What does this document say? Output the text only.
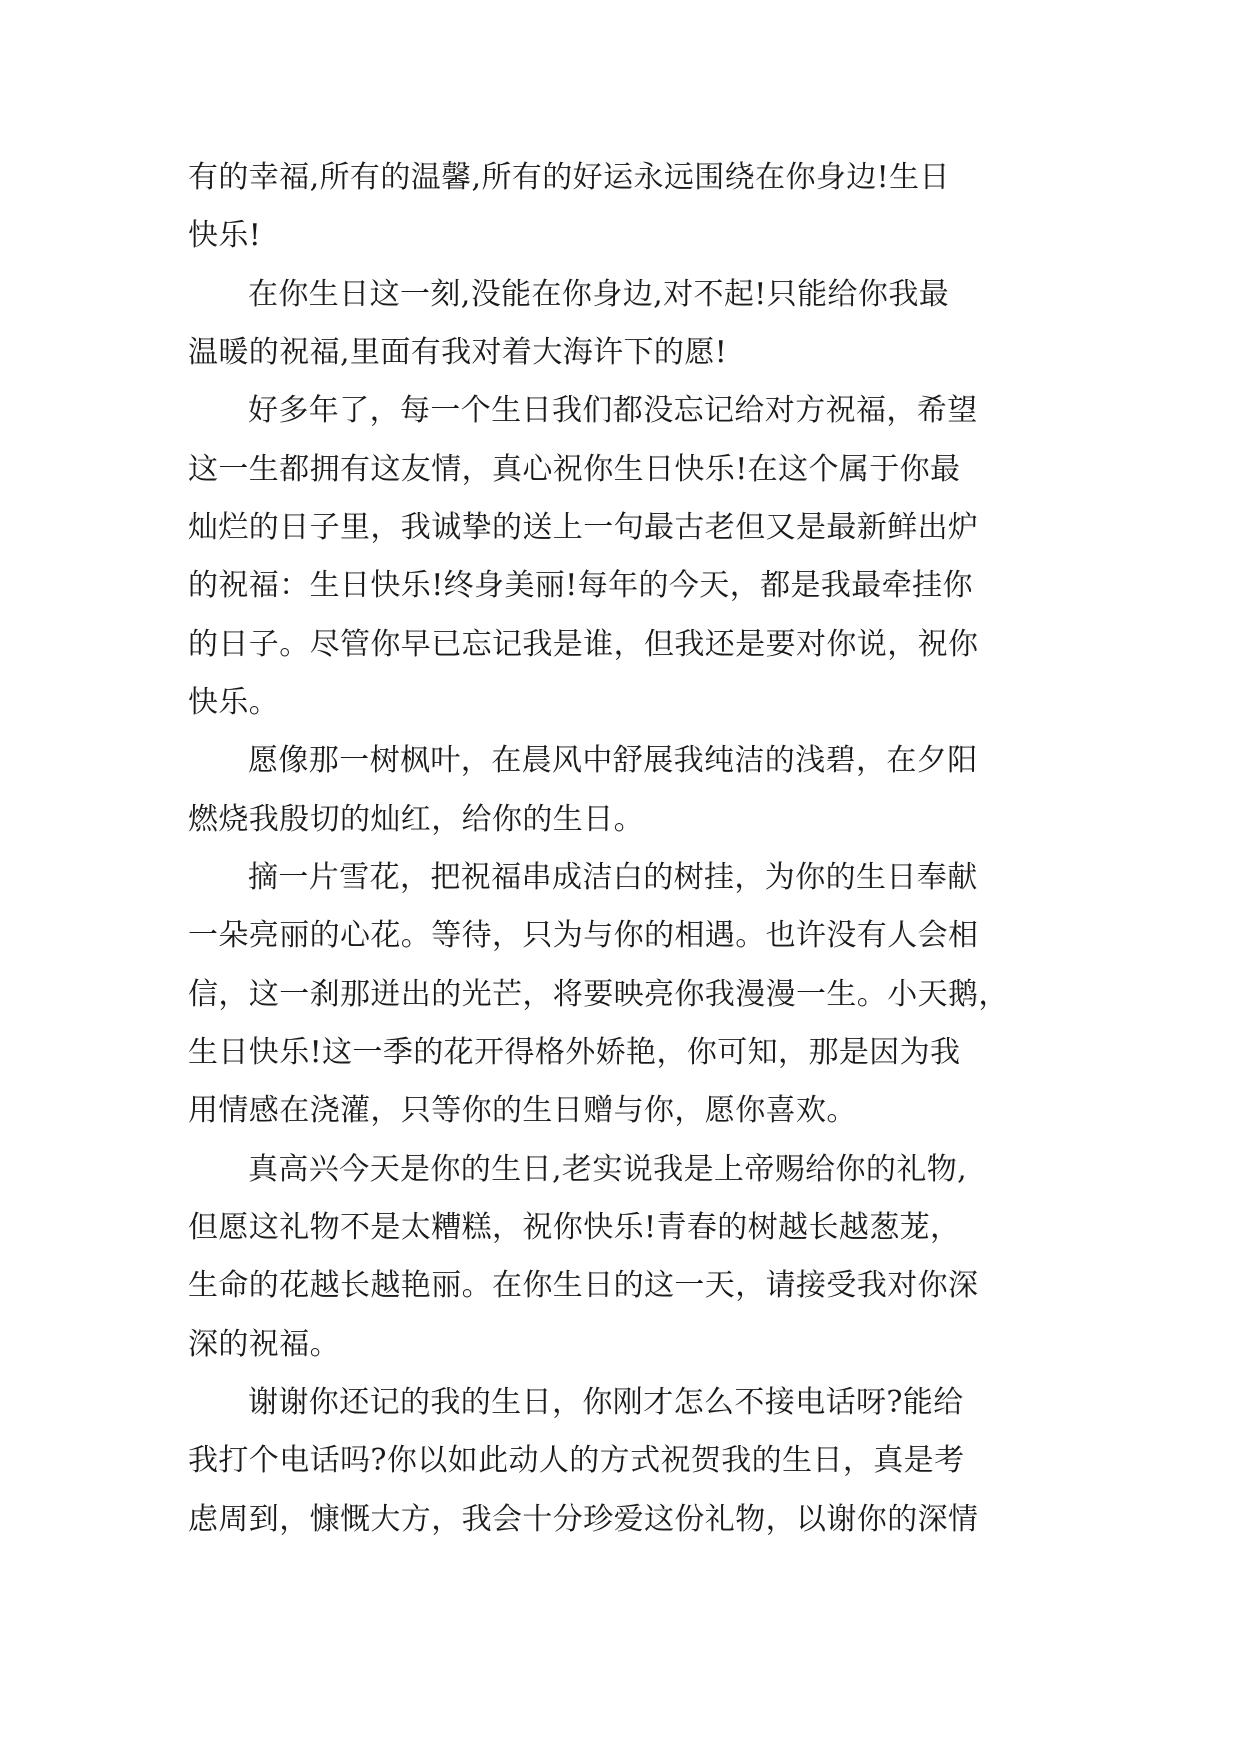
有的幸福,所有的温馨,所有的好运永远围绕在你身边!生日
快乐!
在你生日这一刻,没能在你身边,对不起!只能给你我最
温暖的祝福,里面有我对着大海许下的愿!
好多年了，每一个生日我们都没忘记给对方祝福，希望
这一生都拥有这友情，真心祝你生日快乐!在这个属于你最
灿烂的日子里，我诚挚的送上一句最古老但又是最新鲜出炉
的祝福：生日快乐!终身美丽!每年的今天，都是我最牵挂你
的日子。尽管你早已忘记我是谁，但我还是要对你说，祝你
快乐。
愿像那一树枫叶，在晨风中舒展我纯洁的浅碧，在夕阳
燃烧我殷切的灿红，给你的生日。
摘一片雪花，把祝福串成洁白的树挂，为你的生日奉献
一朵亮丽的心花。等待，只为与你的相遇。也许没有人会相
信，这一刹那迸出的光芒，将要映亮你我漫漫一生。小天鹅，
生日快乐!这一季的花开得格外娇艳，你可知，那是因为我
用情感在浇灌，只等你的生日赠与你，愿你喜欢。
真高兴今天是你的生日,老实说我是上帝赐给你的礼物,
但愿这礼物不是太糟糕，祝你快乐!青春的树越长越葱茏，
生命的花越长越艳丽。在你生日的这一天，请接受我对你深
深的祝福。
谢谢你还记的我的生日，你刚才怎么不接电话呀?能给
我打个电话吗?你以如此动人的方式祝贺我的生日，真是考
虑周到，慷慨大方，我会十分珍爱这份礼物，以谢你的深情
